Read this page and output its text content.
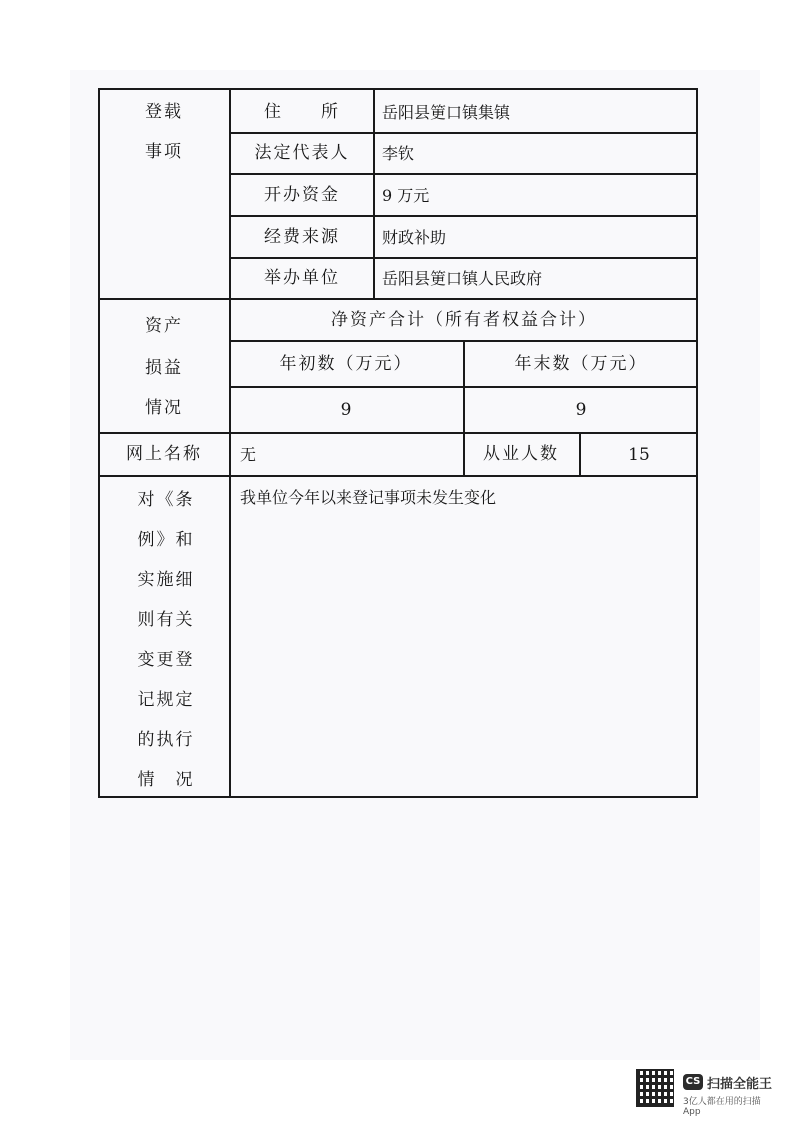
登载
事项
住　　所	岳阳县筻口镇集镇
法定代表人 李钦
开办资金	9 万元
经费来源	财政补助
举办单位	岳阳县筻口镇人民政府
资产
损益
情况
净资产合计（所有者权益合计）
年初数（万元）	年末数（万元）
9	9
网上名称 无	从业人数	15
对《条
例》和
实施细
则有关
变更登
记规定
的执行
情　况
我单位今年以来登记事项未发生变化
CS 扫描全能王
3亿人都在用的扫描App
